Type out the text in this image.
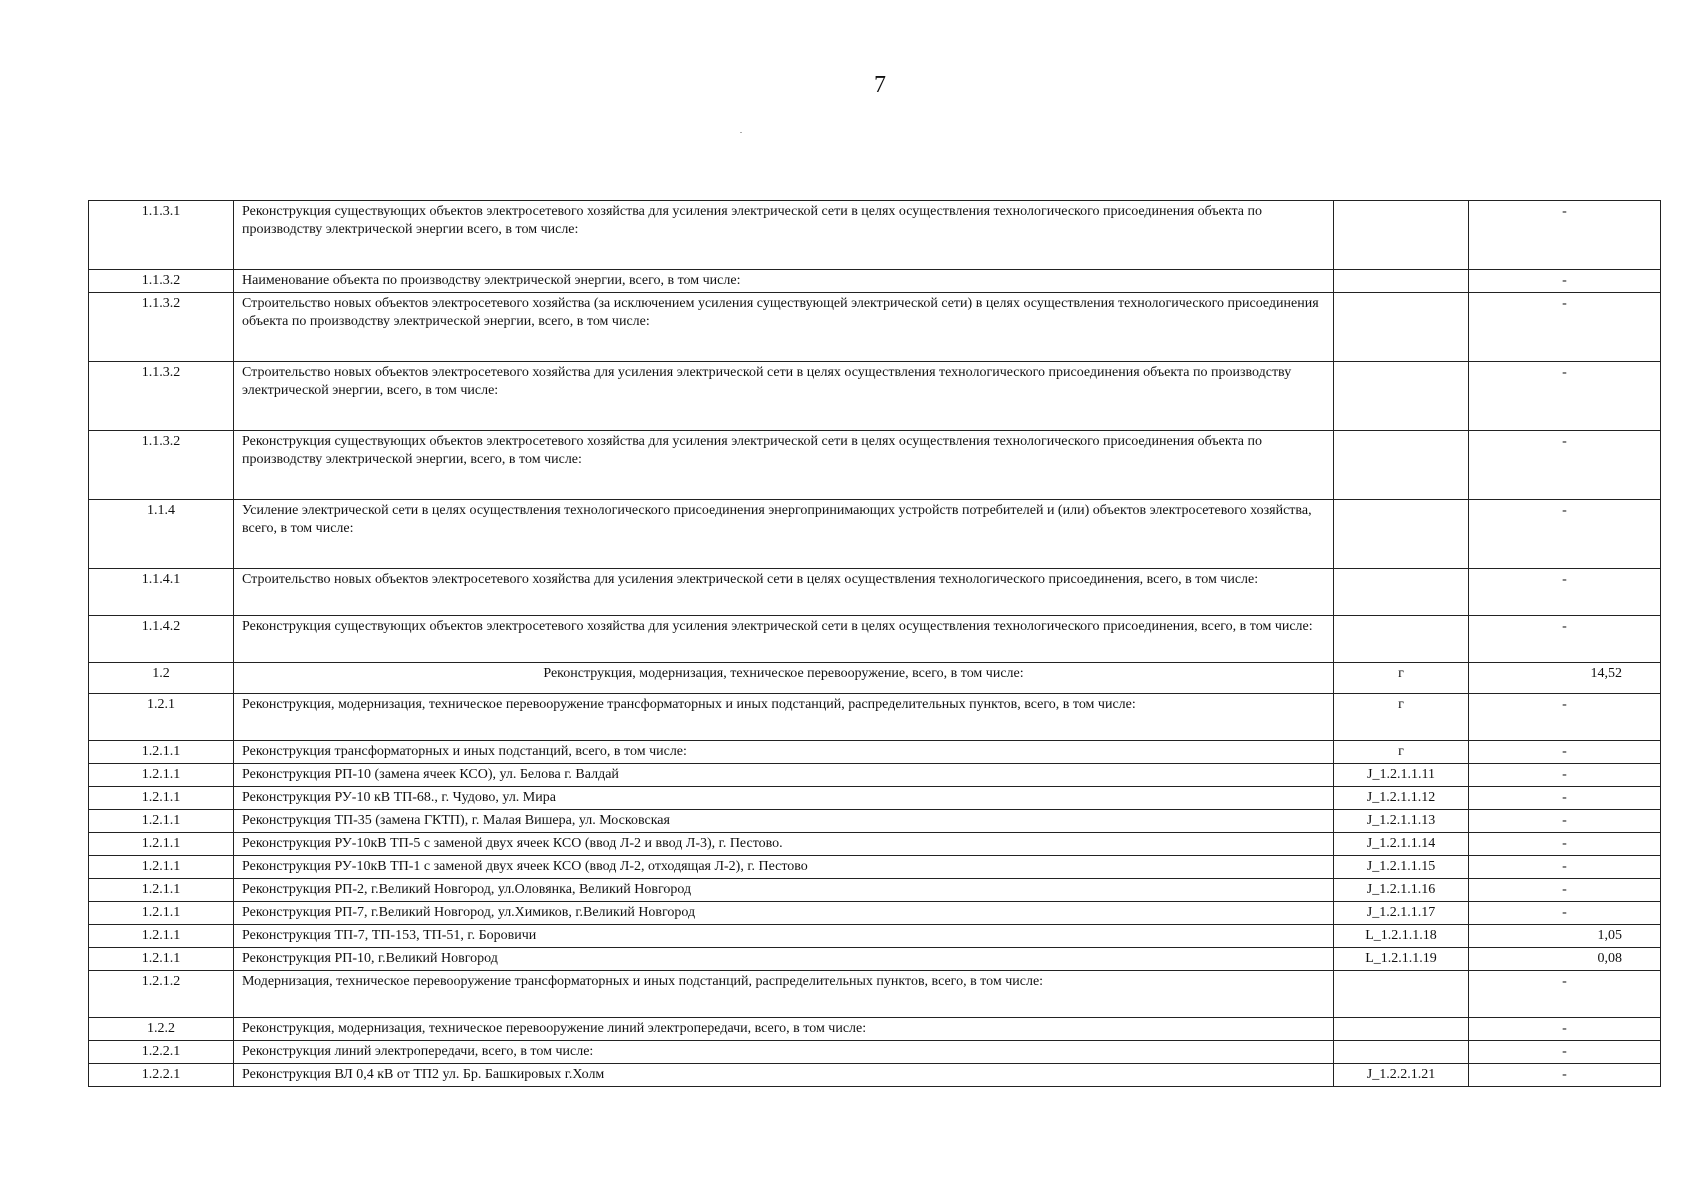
7
1.1.3.1	Реконструкция существующих объектов электросетевого хозяйства для усиления электрической сети в целях осуществления технологического присоединения объекта по производству электрической энергии всего, в том числе:		-
1.1.3.2	Наименование объекта по производству электрической энергии, всего, в том числе:		-
1.1.3.2	Строительство новых объектов электросетевого хозяйства (за исключением усиления существующей электрической сети) в целях осуществления технологического присоединения объекта по производству электрической энергии, всего, в том числе:		-
1.1.3.2	Строительство новых объектов электросетевого хозяйства для усиления электрической сети в целях осуществления технологического присоединения объекта по производству электрической энергии, всего, в том числе:		-
1.1.3.2	Реконструкция существующих объектов электросетевого хозяйства для усиления электрической сети в целях осуществления технологического присоединения объекта по производству электрической энергии, всего, в том числе:		-
1.1.4	Усиление электрической сети в целях осуществления технологического присоединения энергопринимающих устройств потребителей и (или) объектов электросетевого хозяйства, всего, в том числе:		-
1.1.4.1	Строительство новых объектов электросетевого хозяйства для усиления электрической сети в целях осуществления технологического присоединения, всего, в том числе:		-
1.1.4.2	Реконструкция существующих объектов электросетевого хозяйства для усиления электрической сети в целях осуществления технологического присоединения, всего, в том числе:		-
1.2	Реконструкция, модернизация, техническое перевооружение, всего, в том числе:	г	14,52
1.2.1	Реконструкция, модернизация, техническое перевооружение трансформаторных и иных подстанций, распределительных пунктов, всего, в том числе:	г	-
1.2.1.1	Реконструкция трансформаторных и иных подстанций, всего, в том числе:	г	-
1.2.1.1	Реконструкция РП-10 (замена ячеек КСО), ул. Белова г. Валдай	J_1.2.1.1.11	-
1.2.1.1	Реконструкция РУ-10 кВ ТП-68., г. Чудово, ул. Мира	J_1.2.1.1.12	-
1.2.1.1	Реконструкция ТП-35 (замена ГКТП), г. Малая Вишера, ул. Московская	J_1.2.1.1.13	-
1.2.1.1	Реконструкция РУ-10кВ ТП-5 с заменой двух ячеек КСО (ввод Л-2 и ввод Л-3), г. Пестово.	J_1.2.1.1.14	-
1.2.1.1	Реконструкция РУ-10кВ ТП-1 с заменой двух ячеек КСО (ввод Л-2, отходящая Л-2), г. Пестово	J_1.2.1.1.15	-
1.2.1.1	Реконструкция РП-2, г.Великий Новгород, ул.Оловянка, Великий Новгород	J_1.2.1.1.16	-
1.2.1.1	Реконструкция РП-7, г.Великий Новгород, ул.Химиков, г.Великий Новгород	J_1.2.1.1.17	-
1.2.1.1	Реконструкция ТП-7, ТП-153, ТП-51, г. Боровичи	L_1.2.1.1.18	1,05
1.2.1.1	Реконструкция РП-10, г.Великий Новгород	L_1.2.1.1.19	0,08
1.2.1.2	Модернизация, техническое перевооружение трансформаторных и иных подстанций, распределительных пунктов, всего, в том числе:		-
1.2.2	Реконструкция, модернизация, техническое перевооружение линий электропередачи, всего, в том числе:		-
1.2.2.1	Реконструкция линий электропередачи, всего, в том числе:		-
1.2.2.1	Реконструкция ВЛ 0,4 кВ от ТП2 ул. Бр. Башкировых г.Холм	J_1.2.2.1.21	-
